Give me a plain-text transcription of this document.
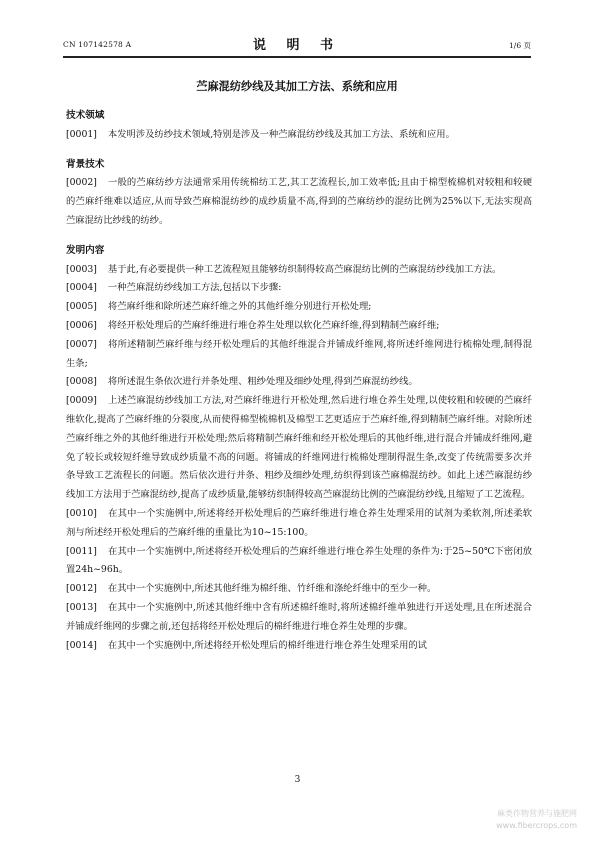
CN 107142578 A	说 明 书	1/6 页
苎麻混纺纱线及其加工方法、系统和应用
技术领域

[0001] 本发明涉及纺纱技术领域,特别是涉及一种苎麻混纺纱线及其加工方法、系统和应用。

背景技术

[0002] 一般的苎麻纺纱方法通常采用传统棉纺工艺,其工艺流程长,加工效率低;且由于棉型梳棉机对较粗和较硬的苎麻纤维难以适应,从而导致苎麻棉混纺纱的成纱质量不高,得到的苎麻纺纱的混纺比例为25%以下,无法实现高苎麻混纺比纱线的纺纱。

发明内容

[0003] 基于此,有必要提供一种工艺流程短且能够纺织制得较高苎麻混纺比例的苎麻混纺纱线加工方法。

[0004] 一种苎麻混纺纱线加工方法,包括以下步骤:

[0005] 将苎麻纤维和除所述苎麻纤维之外的其他纤维分别进行开松处理;

[0006] 将经开松处理后的苎麻纤维进行堆仓养生处理以软化苎麻纤维,得到精制苎麻纤维;

[0007] 将所述精制苎麻纤维与经开松处理后的其他纤维混合并铺成纤维网,将所述纤维网进行梳棉处理,制得混生条;

[0008] 将所述混生条依次进行并条处理、粗纱处理及细纱处理,得到苎麻混纺纱线。

[0009] 上述苎麻混纺纱线加工方法,对苎麻纤维进行开松处理,然后进行堆仓养生处理,以使较粗和较硬的苎麻纤维软化,提高了苎麻纤维的分裂度,从而使得棉型梳棉机及棉型工艺更适应于苎麻纤维,得到精制苎麻纤维。对除所述苎麻纤维之外的其他纤维进行开松处理;然后将精制苎麻纤维和经开松处理后的其他纤维,进行混合并铺成纤维网,避免了较长或较短纤维导致成纱质量不高的问题。将铺成的纤维网进行梳棉处理制得混生条,改变了传统需要多次并条导致工艺流程长的问题。然后依次进行并条、粗纱及细纱处理,纺织得到该苎麻棉混纺纱。如此上述苎麻混纺纱线加工方法用于苎麻混纺纱,提高了成纱质量,能够纺织制得较高苎麻混纺比例的苎麻混纺纱线,且缩短了工艺流程。

[0010] 在其中一个实施例中,所述将经开松处理后的苎麻纤维进行堆仓养生处理采用的试剂为柔软剂,所述柔软剂与所述经开松处理后的苎麻纤维的重量比为10~15:100。

[0011] 在其中一个实施例中,所述将经开松处理后的苎麻纤维进行堆仓养生处理的条件为:于25~50℃下密闭放置24h~96h。

[0012] 在其中一个实施例中,所述其他纤维为棉纤维、竹纤维和涤纶纤维中的至少一种。

[0013] 在其中一个实施例中,所述其他纤维中含有所述棉纤维时,将所述棉纤维单独进行开送处理,且在所述混合并铺成纤维网的步骤之前,还包括将经开松处理后的棉纤维进行堆仓养生处理的步骤。

[0014] 在其中一个实施例中,所述将经开松处理后的棉纤维进行堆仓养生处理采用的试

3
麻类作物营养与施肥网
www.fibercrops.com
